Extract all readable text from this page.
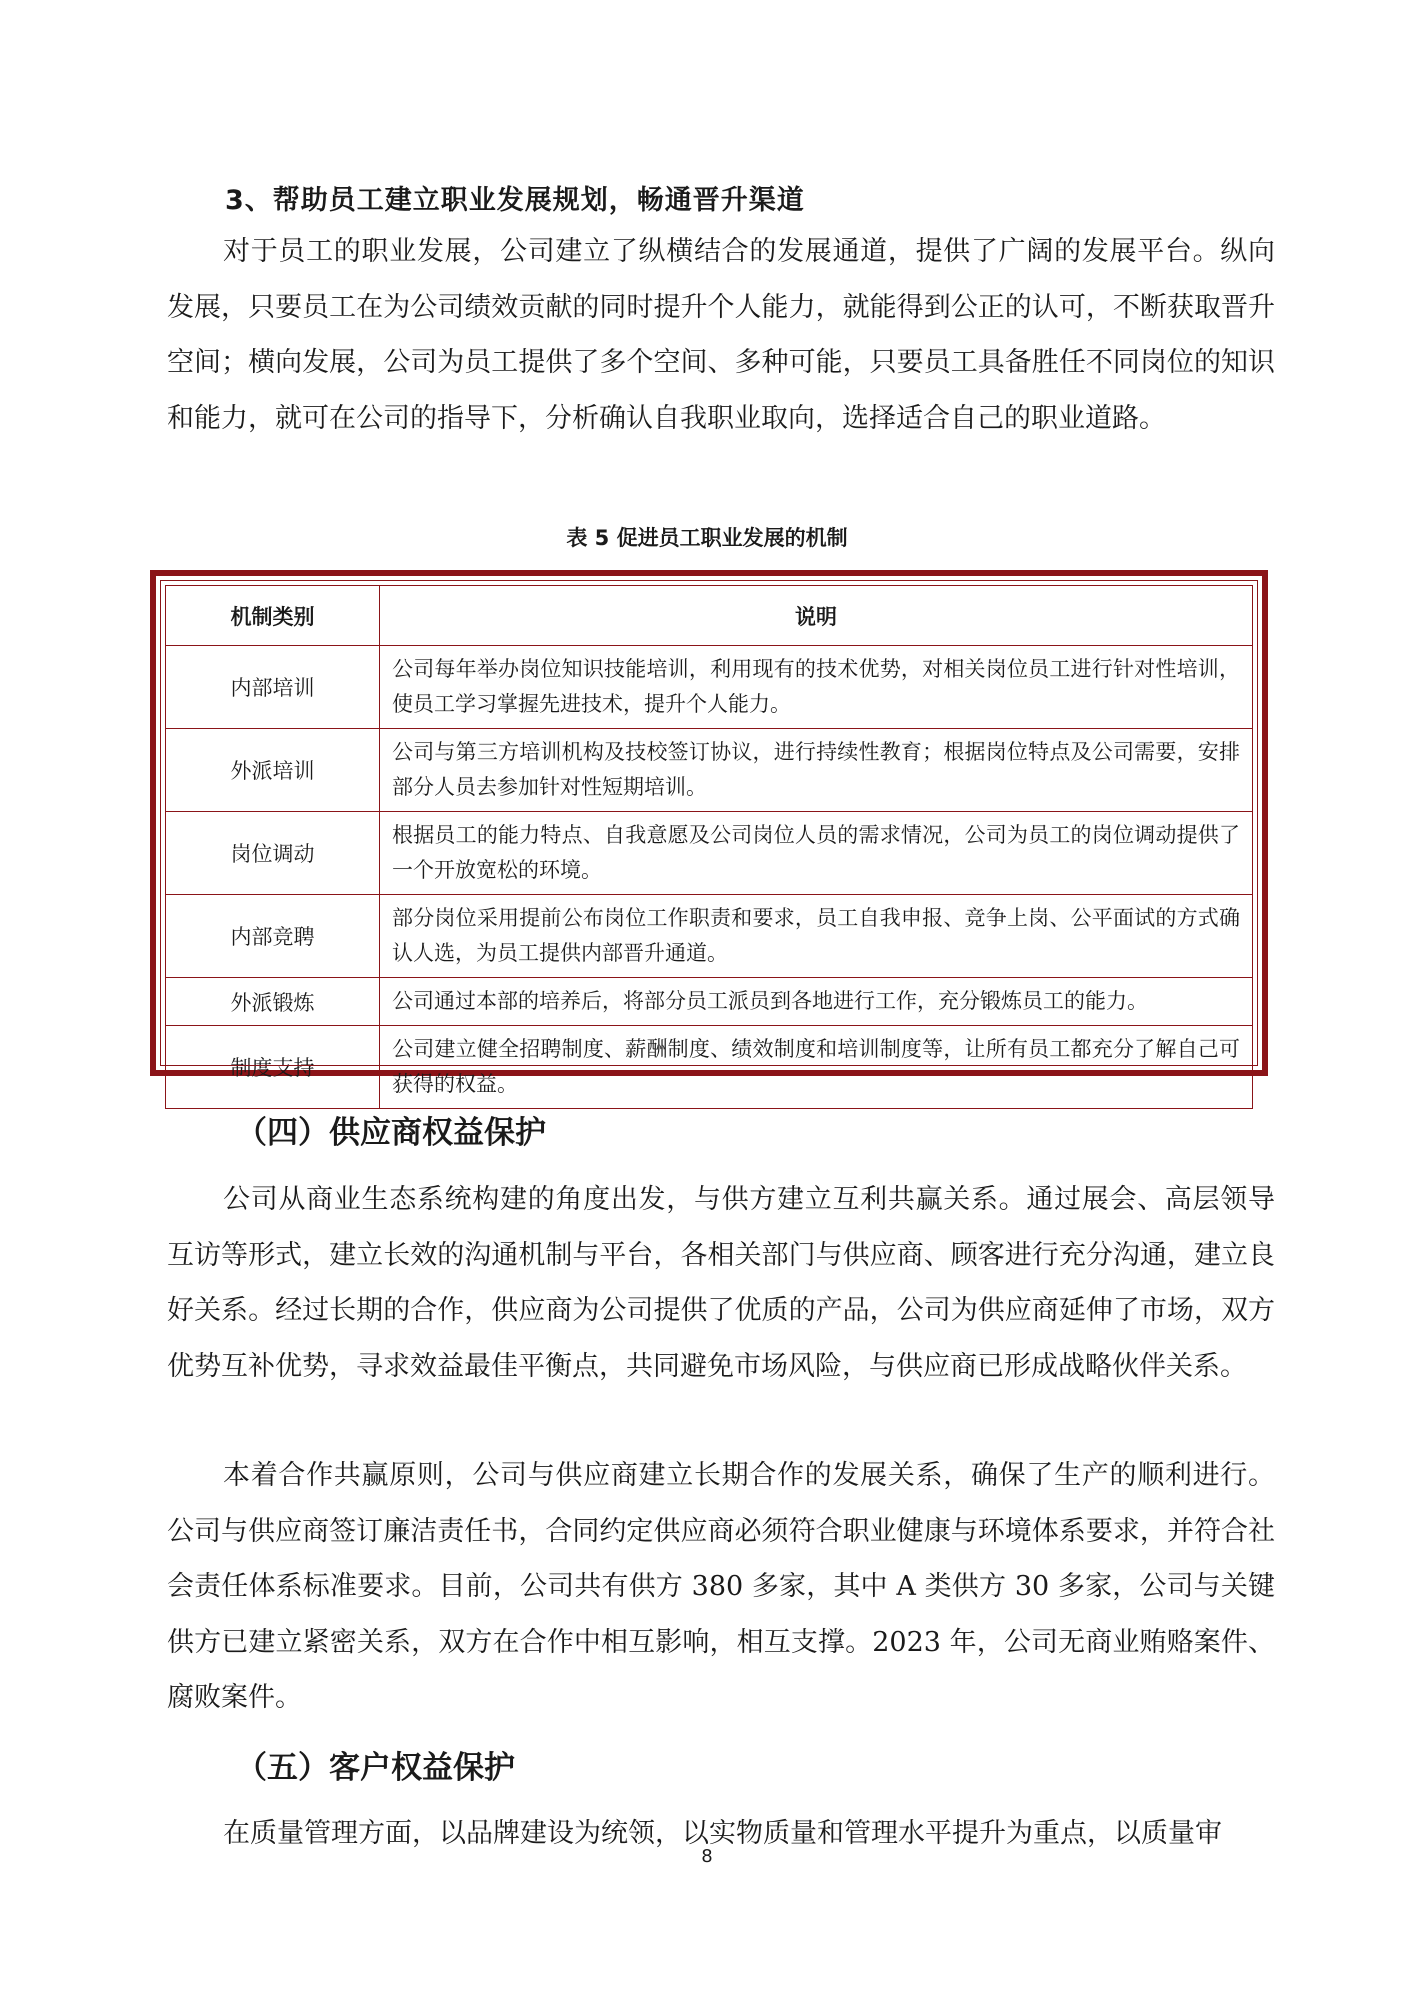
3、帮助员工建立职业发展规划，畅通晋升渠道

对于员工的职业发展，公司建立了纵横结合的发展通道，提供了广阔的发展平台。纵向发展，只要员工在为公司绩效贡献的同时提升个人能力，就能得到公正的认可，不断获取晋升空间；横向发展，公司为员工提供了多个空间、多种可能，只要员工具备胜任不同岗位的知识和能力，就可在公司的指导下，分析确认自我职业取向，选择适合自己的职业道路。

表 5 促进员工职业发展的机制
机制类别	说明
内部培训	公司每年举办岗位知识技能培训，利用现有的技术优势，对相关岗位员工进行针对性培训，使员工学习掌握先进技术，提升个人能力。
外派培训	公司与第三方培训机构及技校签订协议，进行持续性教育；根据岗位特点及公司需要，安排部分人员去参加针对性短期培训。
岗位调动	根据员工的能力特点、自我意愿及公司岗位人员的需求情况，公司为员工的岗位调动提供了一个开放宽松的环境。
内部竞聘	部分岗位采用提前公布岗位工作职责和要求，员工自我申报、竞争上岗、公平面试的方式确认人选，为员工提供内部晋升通道。
外派锻炼	公司通过本部的培养后，将部分员工派员到各地进行工作，充分锻炼员工的能力。
制度支持	公司建立健全招聘制度、薪酬制度、绩效制度和培训制度等，让所有员工都充分了解自己可获得的权益。
（四）供应商权益保护

公司从商业生态系统构建的角度出发，与供方建立互利共赢关系。通过展会、高层领导互访等形式，建立长效的沟通机制与平台，各相关部门与供应商、顾客进行充分沟通，建立良好关系。经过长期的合作，供应商为公司提供了优质的产品，公司为供应商延伸了市场，双方优势互补优势，寻求效益最佳平衡点，共同避免市场风险，与供应商已形成战略伙伴关系。

本着合作共赢原则，公司与供应商建立长期合作的发展关系，确保了生产的顺利进行。公司与供应商签订廉洁责任书，合同约定供应商必须符合职业健康与环境体系要求，并符合社会责任体系标准要求。目前，公司共有供方 380 多家，其中 A 类供方 30 多家，公司与关键供方已建立紧密关系，双方在合作中相互影响，相互支撑。2023 年，公司无商业贿赂案件、腐败案件。

（五）客户权益保护

在质量管理方面，以品牌建设为统领，以实物质量和管理水平提升为重点，以质量审

8
